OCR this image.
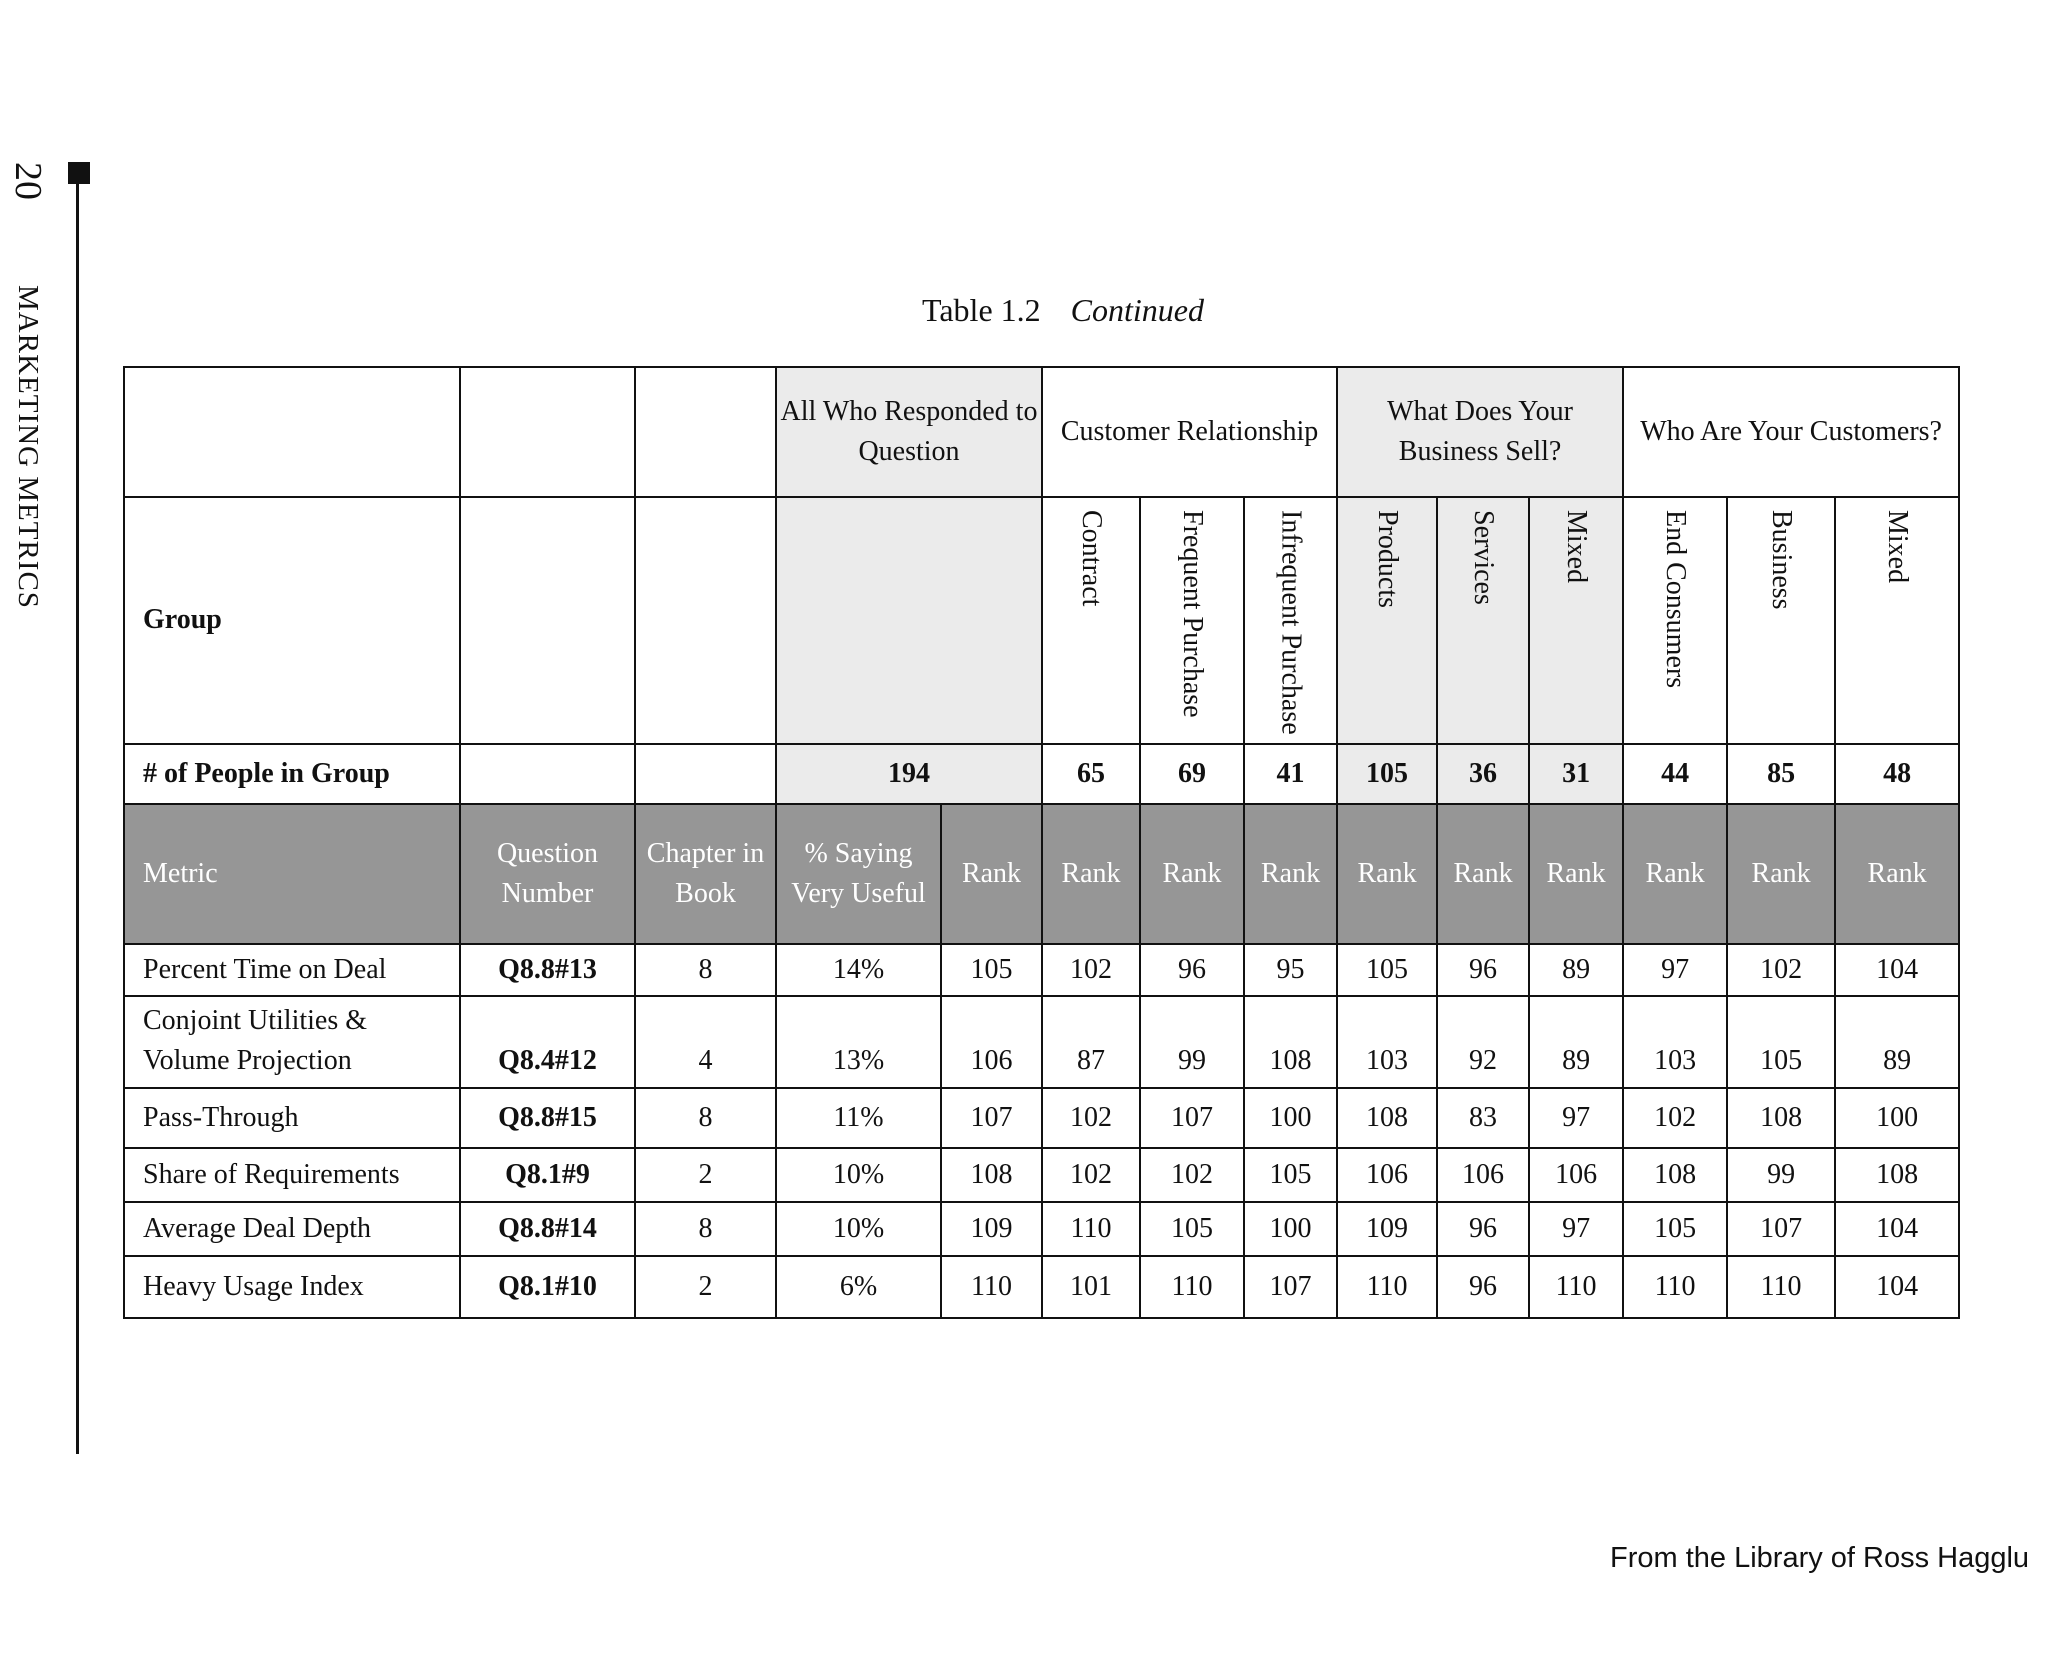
20
MARKETING METRICS	Table 1.2 Continued
			All Who Responded to Question		Customer Relationship			What Does Your Business Sell?			Who Are Your Customers?		
Group					Contract	Frequent Purchase	Infrequent Purchase	Products	Services	Mixed	End Consumers	Business	Mixed
# of People in Group			194		65	69	41	105	36	31	44	85	48
Metric	Question Number	Chapter in Book	% Saying Very Useful	Rank	Rank	Rank	Rank	Rank	Rank	Rank	Rank	Rank	Rank
Percent Time on Deal	Q8.8#13	8	14%	105	102	96	95	105	96	89	97	102	104
Conjoint Utilities & Volume Projection	Q8.4#12	4	13%	106	87	99	108	103	92	89	103	105	89
Pass-Through	Q8.8#15	8	11%	107	102	107	100	108	83	97	102	108	100
Share of Requirements	Q8.1#9	2	10%	108	102	102	105	106	106	106	108	99	108
Average Deal Depth	Q8.8#14	8	10%	109	110	105	100	109	96	97	105	107	104
Heavy Usage Index	Q8.1#10	2	6%	110	101	110	107	110	96	110	110	110	104
From the Library of Ross Hagglu
